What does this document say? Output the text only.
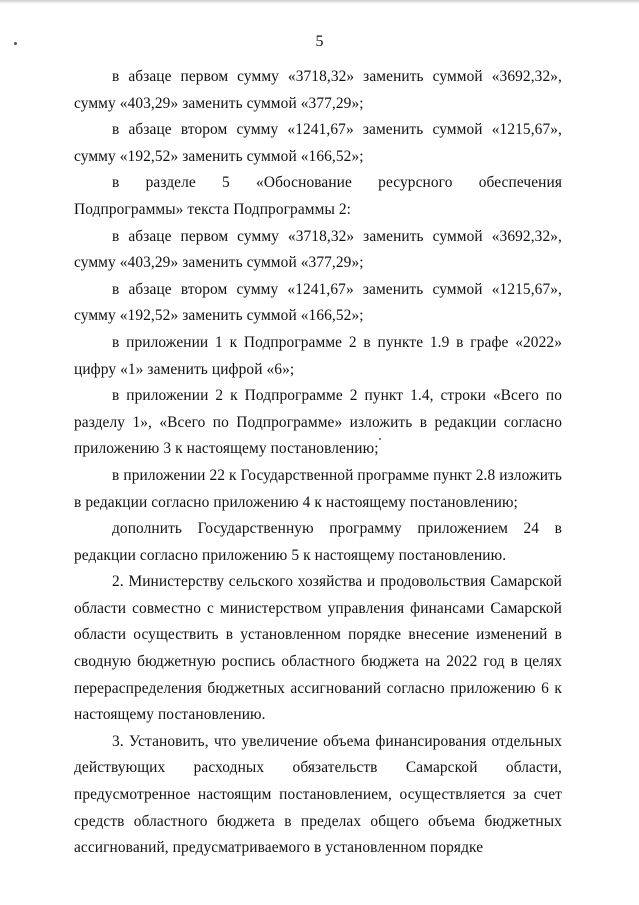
5

в абзаце первом сумму «3718,32» заменить суммой «3692,32», сумму «403,29» заменить суммой «377,29»;

в абзаце втором сумму «1241,67» заменить суммой «1215,67», сумму «192,52» заменить суммой «166,52»;

в разделе 5 «Обоснование ресурсного обеспечения Подпрограммы» текста Подпрограммы 2:

в абзаце первом сумму «3718,32» заменить суммой «3692,32», сумму «403,29» заменить суммой «377,29»;

в абзаце втором сумму «1241,67» заменить суммой «1215,67», сумму «192,52» заменить суммой «166,52»;

в приложении 1 к Подпрограмме 2 в пункте 1.9 в графе «2022» цифру «1» заменить цифрой «6»;

в приложении 2 к Подпрограмме 2 пункт 1.4, строки «Всего по разделу 1», «Всего по Подпрограмме» изложить в редакции согласно приложению 3 к настоящему постановлению;

в приложении 22 к Государственной программе пункт 2.8 изложить в редакции согласно приложению 4 к настоящему постановлению;

дополнить Государственную программу приложением 24 в редакции согласно приложению 5 к настоящему постановлению.

2. Министерству сельского хозяйства и продовольствия Самарской области совместно с министерством управления финансами Самарской области осуществить в установленном порядке внесение изменений в сводную бюджетную роспись областного бюджета на 2022 год в целях перераспределения бюджетных ассигнований согласно приложению 6 к настоящему постановлению.

3. Установить, что увеличение объема финансирования отдельных действующих расходных обязательств Самарской области, предусмотренное настоящим постановлением, осуществляется за счет средств областного бюджета в пределах общего объема бюджетных ассигнований, предусматриваемого в установленном порядке
